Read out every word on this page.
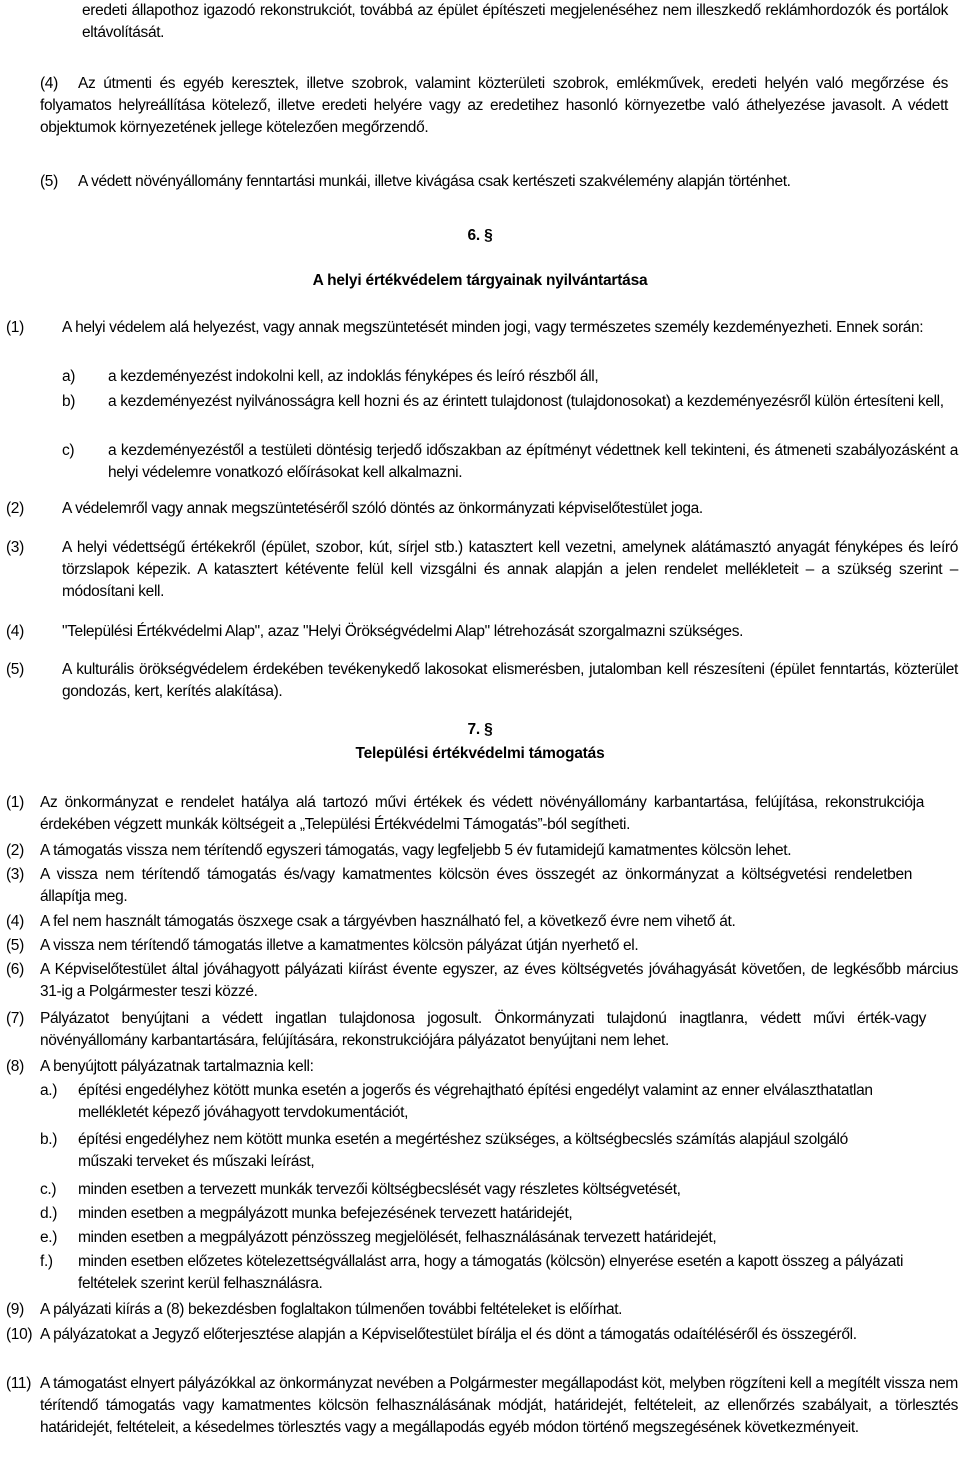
eredeti állapothoz igazodó rekonstrukciót, továbbá az épület építészeti megjelenéséhez nem illeszkedő reklámhordozók és portálok eltávolítását.
(4)	Az útmenti és egyéb keresztek, illetve szobrok, valamint közterületi szobrok, emlékművek, eredeti helyén való megőrzése és folyamatos helyreállítása kötelező, illetve eredeti helyére vagy az eredetihez hasonló környezetbe való áthelyezése javasolt. A védett objektumok környezetének jellege kötelezően megőrzendő.
(5)	A védett növényállomány fenntartási munkái, illetve kivágása csak kertészeti szakvélemény alapján történhet.
6. §
A helyi értékvédelem tárgyainak nyilvántartása
(1)	A helyi védelem alá helyezést, vagy annak megszüntetését minden jogi, vagy természetes személy kezdeményezheti. Ennek során:
a)	a kezdeményezést indokolni kell, az indoklás fényképes és leíró részből áll,
b)	a kezdeményezést nyilvánosságra kell hozni és az érintett tulajdonost (tulajdonosokat) a kezdeményezésről külön értesíteni kell,
c)	a kezdeményezéstől a testületi döntésig terjedő időszakban az építményt védettnek kell tekinteni, és átmeneti szabályozásként a helyi védelemre vonatkozó előírásokat kell alkalmazni.
(2)	A védelemről vagy annak megszüntetéséről szóló döntés az önkormányzati képviselőtestület joga.
(3)	A helyi védettségű értékekről (épület, szobor, kút, sírjel stb.) katasztert kell vezetni, amelynek alátámasztó anyagát fényképes és leíró törzslapok képezik. A katasztert kétévente felül kell vizsgálni és annak alapján a jelen rendelet mellékleteit – a szükség szerint – módosítani kell.
(4)	"Települési Értékvédelmi Alap", azaz "Helyi Örökségvédelmi Alap" létrehozását szorgalmazni szükséges.
(5)	A kulturális örökségvédelem érdekében tevékenykedő lakosokat elismerésben, jutalomban kell részesíteni (épület fenntartás, közterület gondozás, kert, kerítés alakítása).
7. §
Települési értékvédelmi támogatás
(1)	Az önkormányzat e rendelet hatálya alá tartozó művi értékek és védett növényállomány karbantartása, felújítása, rekonstrukciója érdekében végzett munkák költségeit a „Települési Értékvédelmi Támogatás”-ból segítheti.
(2)	A támogatás vissza nem térítendő egyszeri támogatás, vagy legfeljebb 5 év futamidejű kamatmentes kölcsön lehet.
(3)	A vissza nem térítendő támogatás és/vagy kamatmentes kölcsön éves összegét az önkormányzat a költségvetési rendeletben állapítja meg.
(4)	A fel nem használt támogatás öszxege csak a tárgyévben használható fel, a következő évre nem vihető át.
(5)	A vissza nem térítendő támogatás illetve a kamatmentes kölcsön pályázat útján nyerhető el.
(6)	A Képviselőtestület által jóváhagyott pályázati kiírást évente egyszer, az éves költségvetés jóváhagyását követően, de legkésőbb március 31-ig a Polgármester teszi közzé.
(7)	Pályázatot benyújtani a védett ingatlan tulajdonosa jogosult. Önkormányzati tulajdonú inagtlanra, védett művi érték-vagy növényállomány karbantartására, felújítására, rekonstrukciójára pályázatot benyújtani nem lehet.
(8)	A benyújtott pályázatnak tartalmaznia kell:
a.)	építési engedélyhez kötött munka esetén a jogerős és végrehajtható építési engedélyt valamint az enner elválaszthatatlan mellékletét képező jóváhagyott tervdokumentációt,
b.)	építési engedélyhez nem kötött munka esetén a megértéshez szükséges, a költségbecslés számítás alapjául szolgáló műszaki terveket és műszaki leírást,
c.)	minden esetben a tervezett munkák tervezői költségbecslését vagy részletes költségvetését,
d.)	minden esetben a megpályázott munka befejezésének tervezett határidejét,
e.)	minden esetben a megpályázott pénzösszeg megjelölését, felhasználásának tervezett határidejét,
f.)	minden esetben előzetes kötelezettségvállalást arra, hogy a támogatás (kölcsön) elnyerése esetén a kapott összeg a pályázati feltételek szerint kerül felhasználásra.
(9)	A pályázati kiírás a (8) bekezdésben foglaltakon túlmenően további feltételeket is előírhat.
(10) A pályázatokat a Jegyző előterjesztése alapján a Képviselőtestület bírálja el és dönt a támogatás odaítéléséről és összegéről.
(11) A támogatást elnyert pályázókkal az önkormányzat nevében a Polgármester megállapodást köt, melyben rögzíteni kell a megítélt vissza nem térítendő támogatás vagy kamatmentes kölcsön felhasználásának módját, határidejét, feltételeit, az ellenőrzés szabályait, a törlesztés határidejét, feltételeit, a késedelmes törlesztés vagy a megállapodás egyéb módon történő megszegésének következményeit.
